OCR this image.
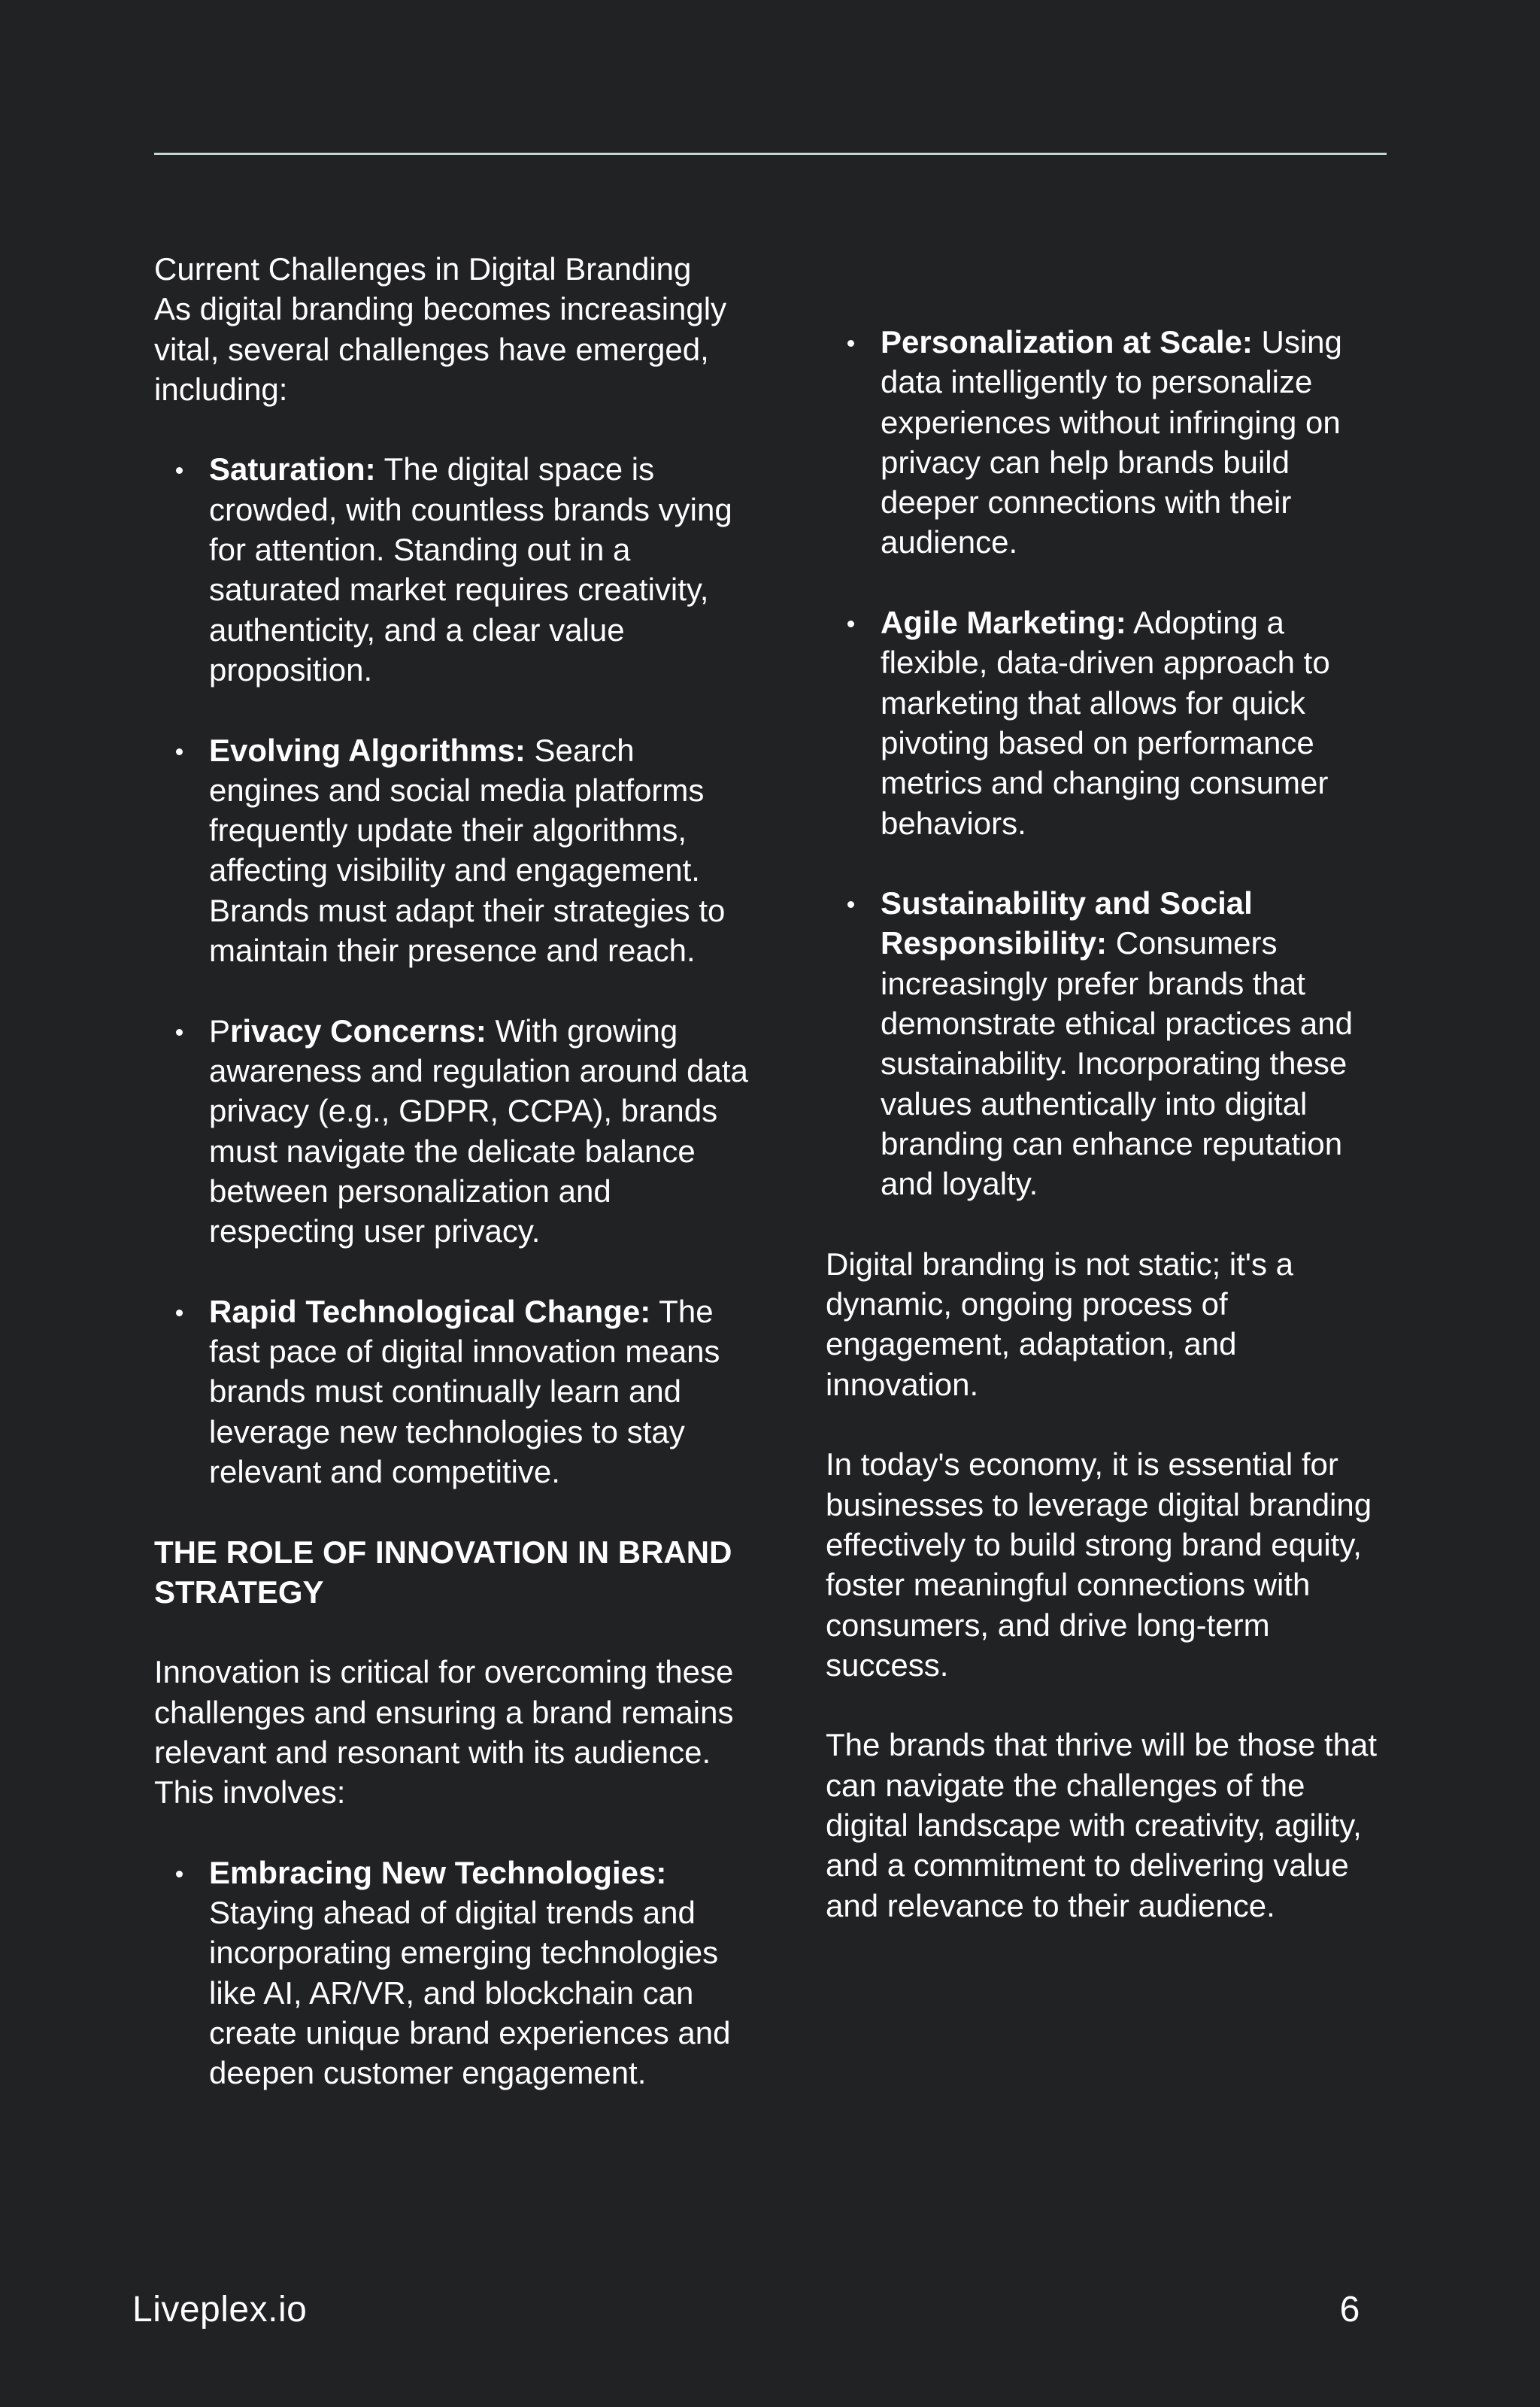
Current Challenges in Digital Branding
As digital branding becomes increasingly vital, several challenges have emerged, including:

Saturation: The digital space is crowded, with countless brands vying for attention. Standing out in a saturated market requires creativity, authenticity, and a clear value proposition.
Evolving Algorithms: Search engines and social media platforms frequently update their algorithms, affecting visibility and engagement. Brands must adapt their strategies to maintain their presence and reach.
Privacy Concerns: With growing awareness and regulation around data privacy (e.g., GDPR, CCPA), brands must navigate the delicate balance between personalization and respecting user privacy.
Rapid Technological Change: The fast pace of digital innovation means brands must continually learn and leverage new technologies to stay relevant and competitive.

THE ROLE OF INNOVATION IN BRAND STRATEGY

Innovation is critical for overcoming these challenges and ensuring a brand remains relevant and resonant with its audience. This involves:

Embracing New Technologies: Staying ahead of digital trends and incorporating emerging technologies like AI, AR/VR, and blockchain can create unique brand experiences and deepen customer engagement.
Personalization at Scale: Using data intelligently to personalize experiences without infringing on privacy can help brands build deeper connections with their audience.
Agile Marketing: Adopting a flexible, data-driven approach to marketing that allows for quick pivoting based on performance metrics and changing consumer behaviors.
Sustainability and Social Responsibility: Consumers increasingly prefer brands that demonstrate ethical practices and sustainability. Incorporating these values authentically into digital branding can enhance reputation and loyalty.

Digital branding is not static; it's a dynamic, ongoing process of engagement, adaptation, and innovation.

In today's economy, it is essential for businesses to leverage digital branding effectively to build strong brand equity, foster meaningful connections with consumers, and drive long-term success.

The brands that thrive will be those that can navigate the challenges of the digital landscape with creativity, agility, and a commitment to delivering value and relevance to their audience.

Liveplex.io	6
